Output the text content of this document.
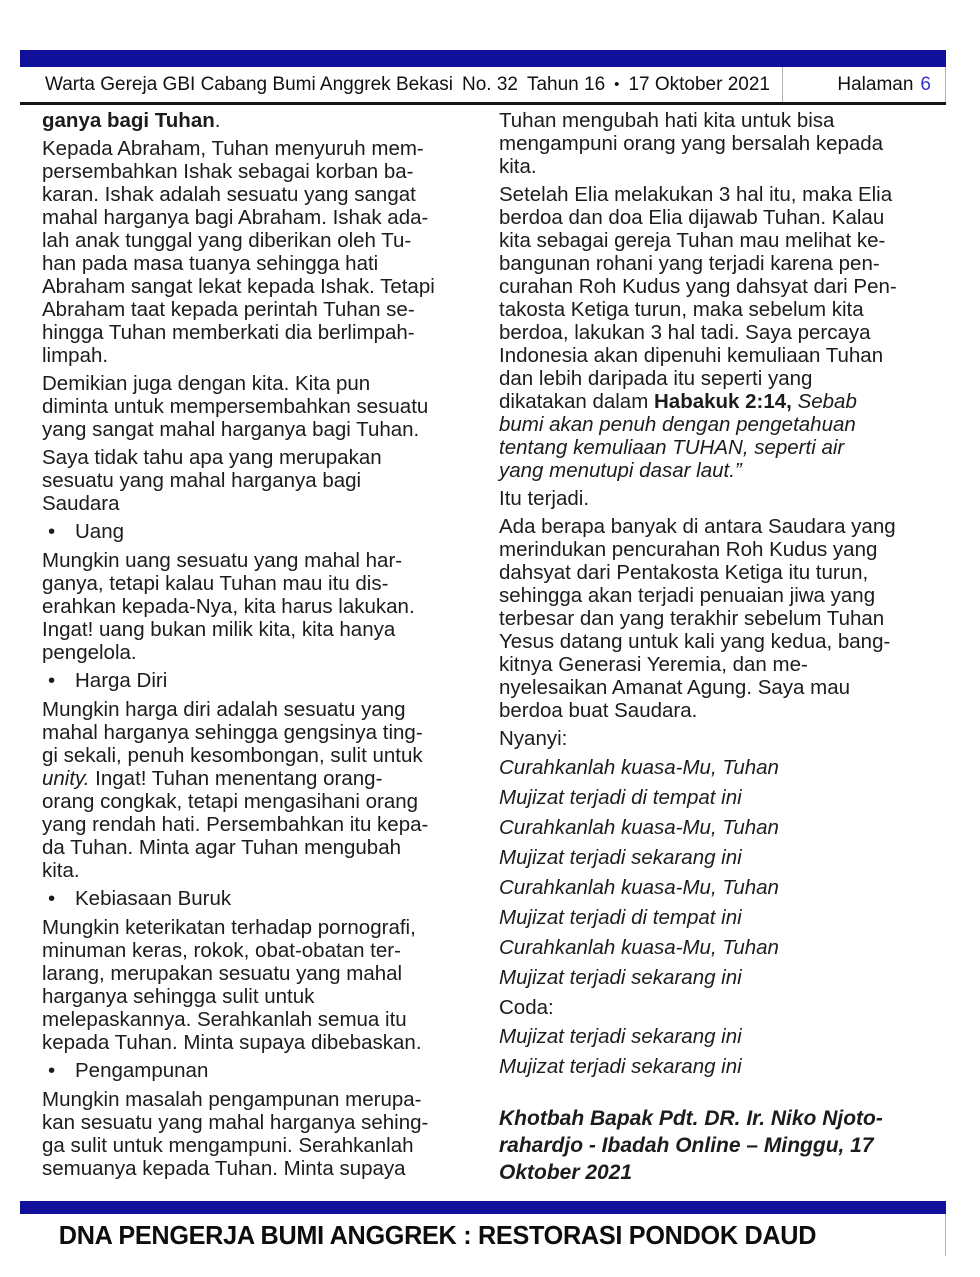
Warta Gereja GBI Cabang Bumi Anggrek Bekasi No. 32 Tahun 16 • 17 Oktober 2021	Halaman 6

ganya bagi Tuhan.

Kepada Abraham, Tuhan menyuruh mem-
persembahkan Ishak sebagai korban ba-
karan. Ishak adalah sesuatu yang sangat
mahal harganya bagi Abraham. Ishak ada-
lah anak tunggal yang diberikan oleh Tu-
han pada masa tuanya sehingga hati
Abraham sangat lekat kepada Ishak. Tetapi
Abraham taat kepada perintah Tuhan se-
hingga Tuhan memberkati dia berlimpah-
limpah.

Demikian juga dengan kita. Kita pun
diminta untuk mempersembahkan sesuatu
yang sangat mahal harganya bagi Tuhan.

Saya tidak tahu apa yang merupakan
sesuatu yang mahal harganya bagi
Saudara

• Uang

Mungkin uang sesuatu yang mahal har-
ganya, tetapi kalau Tuhan mau itu dis-
erahkan kepada-Nya, kita harus lakukan.
Ingat! uang bukan milik kita, kita hanya
pengelola.

• Harga Diri

Mungkin harga diri adalah sesuatu yang
mahal harganya sehingga gengsinya ting-
gi sekali, penuh kesombongan, sulit untuk
unity. Ingat! Tuhan menentang orang-
orang congkak, tetapi mengasihani orang
yang rendah hati. Persembahkan itu kepa-
da Tuhan. Minta agar Tuhan mengubah
kita.

• Kebiasaan Buruk

Mungkin keterikatan terhadap pornografi,
minuman keras, rokok, obat-obatan ter-
larang, merupakan sesuatu yang mahal
harganya sehingga sulit untuk
melepaskannya. Serahkanlah semua itu
kepada Tuhan. Minta supaya dibebaskan.

• Pengampunan

Mungkin masalah pengampunan merupa-
kan sesuatu yang mahal harganya sehing-
ga sulit untuk mengampuni. Serahkanlah
semuanya kepada Tuhan. Minta supaya

Tuhan mengubah hati kita untuk bisa
mengampuni orang yang bersalah kepada
kita.

Setelah Elia melakukan 3 hal itu, maka Elia
berdoa dan doa Elia dijawab Tuhan. Kalau
kita sebagai gereja Tuhan mau melihat ke-
bangunan rohani yang terjadi karena pen-
curahan Roh Kudus yang dahsyat dari Pen-
takosta Ketiga turun, maka sebelum kita
berdoa, lakukan 3 hal tadi. Saya percaya
Indonesia akan dipenuhi kemuliaan Tuhan
dan lebih daripada itu seperti yang
dikatakan dalam Habakuk 2:14, Sebab
bumi akan penuh dengan pengetahuan
tentang kemuliaan TUHAN, seperti air
yang menutupi dasar laut.”

Itu terjadi.

Ada berapa banyak di antara Saudara yang
merindukan pencurahan Roh Kudus yang
dahsyat dari Pentakosta Ketiga itu turun,
sehingga akan terjadi penuaian jiwa yang
terbesar dan yang terakhir sebelum Tuhan
Yesus datang untuk kali yang kedua, bang-
kitnya Generasi Yeremia, dan me-
nyelesaikan Amanat Agung. Saya mau
berdoa buat Saudara.

Nyanyi:
Curahkanlah kuasa-Mu, Tuhan
Mujizat terjadi di tempat ini
Curahkanlah kuasa-Mu, Tuhan
Mujizat terjadi sekarang ini
Curahkanlah kuasa-Mu, Tuhan
Mujizat terjadi di tempat ini
Curahkanlah kuasa-Mu, Tuhan
Mujizat terjadi sekarang ini
Coda:
Mujizat terjadi sekarang ini
Mujizat terjadi sekarang ini
Khotbah Bapak Pdt. DR. Ir. Niko Njoto-
rahardjo - Ibadah Online – Minggu, 17
Oktober 2021
DNA PENGERJA BUMI ANGGREK : RESTORASI PONDOK DAUD
